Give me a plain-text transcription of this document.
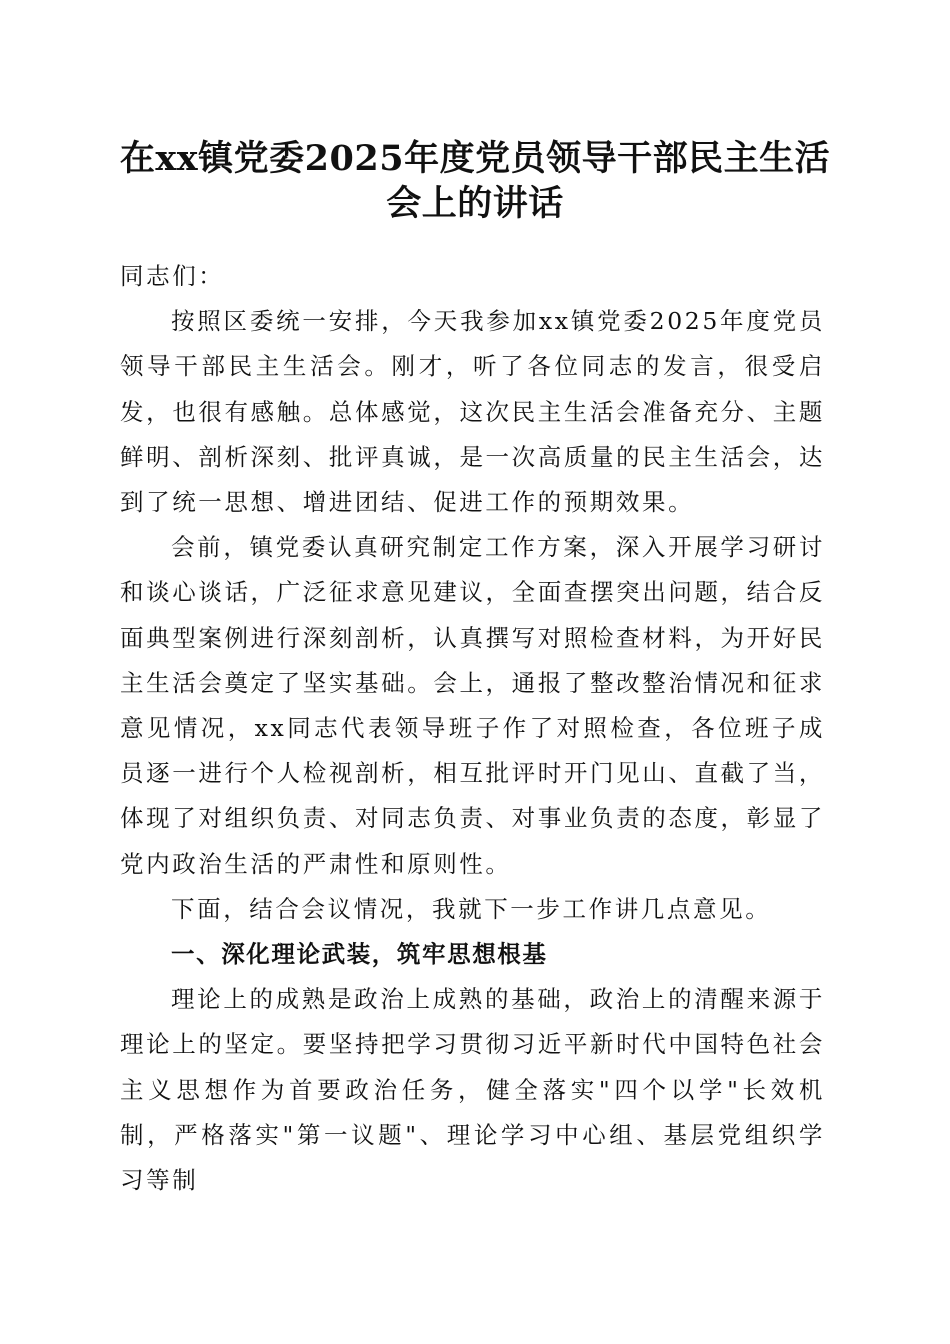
在xx镇党委2025年度党员领导干部民主生活
会上的讲话

同志们：

按照区委统一安排，今天我参加xx镇党委2025年度党员领导干部民主生活会。刚才，听了各位同志的发言，很受启发，也很有感触。总体感觉，这次民主生活会准备充分、主题鲜明、剖析深刻、批评真诚，是一次高质量的民主生活会，达到了统一思想、增进团结、促进工作的预期效果。

会前，镇党委认真研究制定工作方案，深入开展学习研讨和谈心谈话，广泛征求意见建议，全面查摆突出问题，结合反面典型案例进行深刻剖析，认真撰写对照检查材料，为开好民主生活会奠定了坚实基础。会上，通报了整改整治情况和征求意见情况，xx同志代表领导班子作了对照检查，各位班子成员逐一进行个人检视剖析，相互批评时开门见山、直截了当，体现了对组织负责、对同志负责、对事业负责的态度，彰显了党内政治生活的严肃性和原则性。

下面，结合会议情况，我就下一步工作讲几点意见。

一、深化理论武装，筑牢思想根基

理论上的成熟是政治上成熟的基础，政治上的清醒来源于理论上的坚定。要坚持把学习贯彻习近平新时代中国特色社会主义思想作为首要政治任务，健全落实"四个以学"长效机制，严格落实"第一议题"、理论学习中心组、基层党组织学习等制
